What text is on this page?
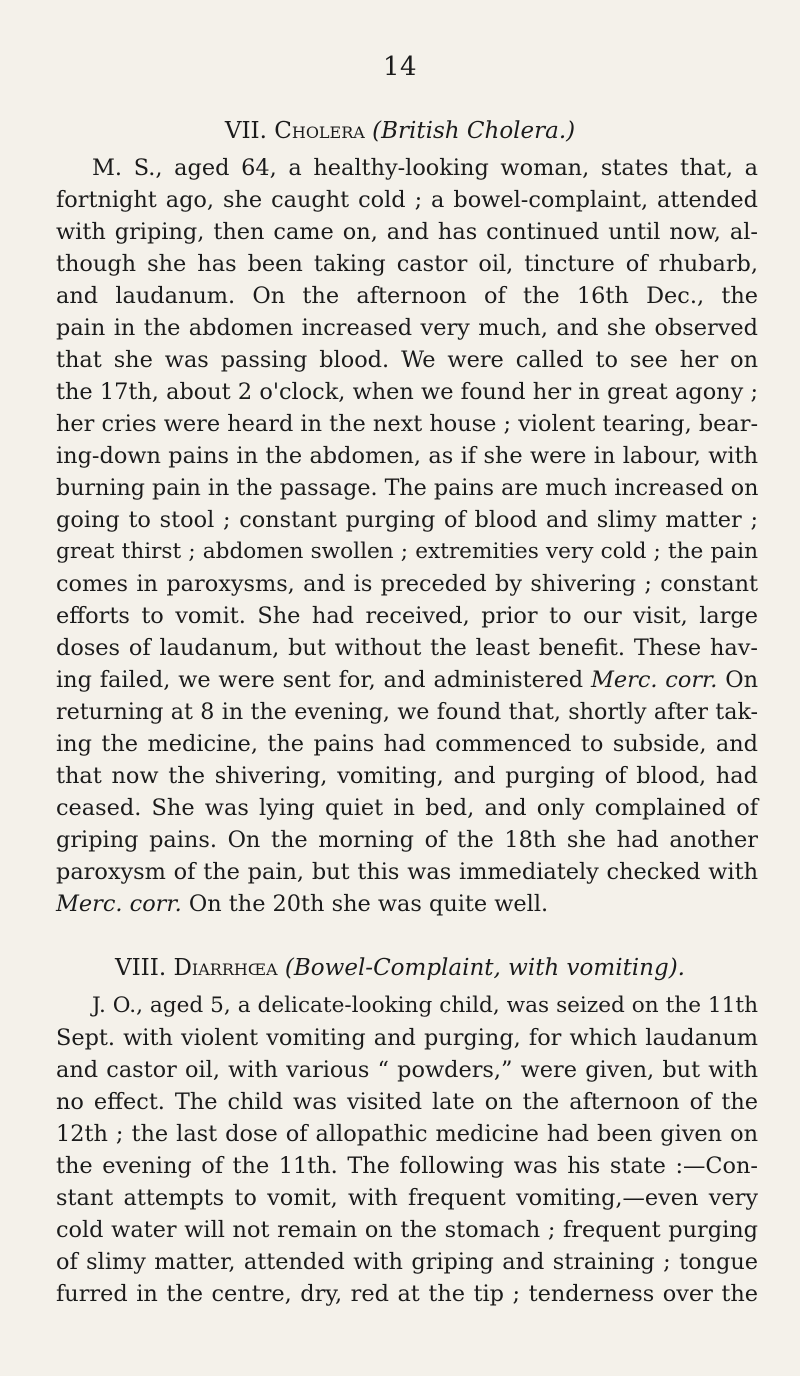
14
VII. Cholera (British Cholera.)
M. S., aged 64, a healthy-looking woman, states that, a
fortnight ago, she caught cold ; a bowel-complaint, attended
with griping, then came on, and has continued until now, al-
though she has been taking castor oil, tincture of rhubarb,
and laudanum. On the afternoon of the 16th Dec., the
pain in the abdomen increased very much, and she observed
that she was passing blood. We were called to see her on
the 17th, about 2 o'clock, when we found her in great agony ;
her cries were heard in the next house ; violent tearing, bear-
ing-down pains in the abdomen, as if she were in labour, with
burning pain in the passage. The pains are much increased on
going to stool ; constant purging of blood and slimy matter ;
great thirst ; abdomen swollen ; extremities very cold ; the pain
comes in paroxysms, and is preceded by shivering ; constant
efforts to vomit. She had received, prior to our visit, large
doses of laudanum, but without the least benefit. These hav-
ing failed, we were sent for, and administered Merc. corr. On
returning at 8 in the evening, we found that, shortly after tak-
ing the medicine, the pains had commenced to subside, and
that now the shivering, vomiting, and purging of blood, had
ceased. She was lying quiet in bed, and only complained of
griping pains. On the morning of the 18th she had another
paroxysm of the pain, but this was immediately checked with
Merc. corr. On the 20th she was quite well.
VIII. Diarrhœa (Bowel-Complaint, with vomiting).
J. O., aged 5, a delicate-looking child, was seized on the 11th
Sept. with violent vomiting and purging, for which laudanum
and castor oil, with various “ powders,” were given, but with
no effect. The child was visited late on the afternoon of the
12th ; the last dose of allopathic medicine had been given on
the evening of the 11th. The following was his state :—Con-
stant attempts to vomit, with frequent vomiting,—even very
cold water will not remain on the stomach ; frequent purging
of slimy matter, attended with griping and straining ; tongue
furred in the centre, dry, red at the tip ; tenderness over the
